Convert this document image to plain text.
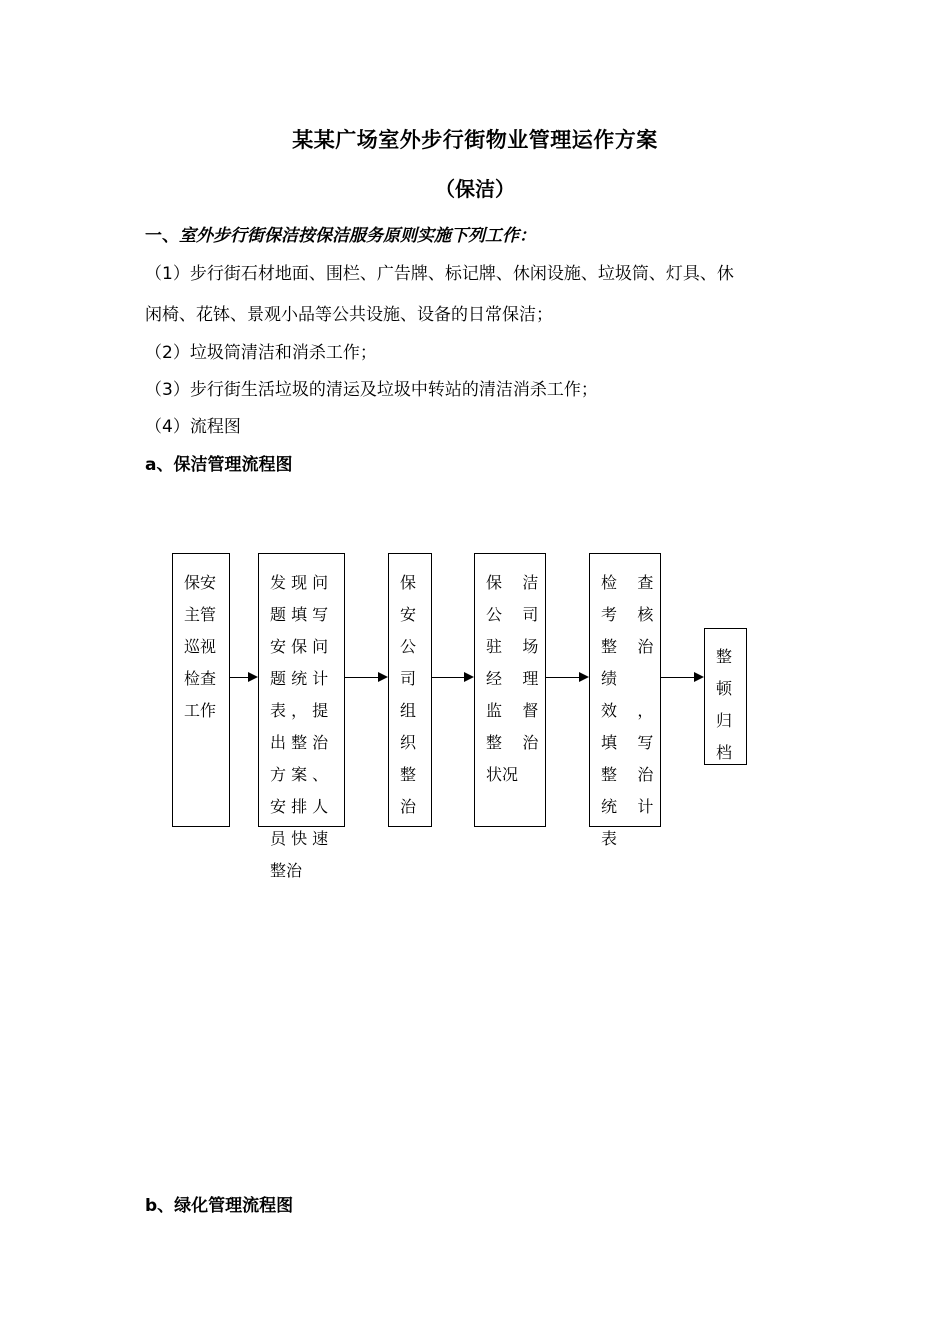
某某广场室外步行街物业管理运作方案
（保洁）
一、室外步行街保洁按保洁服务原则实施下列工作：
（1）步行街石材地面、围栏、广告牌、标记牌、休闲设施、垃圾筒、灯具、休
闲椅、花钵、景观小品等公共设施、设备的日常保洁；
（2）垃圾筒清洁和消杀工作；
（3）步行街生活垃圾的清运及垃圾中转站的清洁消杀工作；
（4）流程图
a、保洁管理流程图
保安
主管
巡视
检查
工作
发 现 问
题 填 写
安 保 问
题 统 计
表 ， 提
出 整 治
方 案 、
安 排 人
员 快 速
整治
保
安
公
司
组
织
整
治
保    洁
公    司
驻    场
经    理
监    督
整    治
状况
检    查
考    核
整    治
绩
效    ，
填    写
整    治
统    计
表
整
顿
归
档
b、绿化管理流程图
